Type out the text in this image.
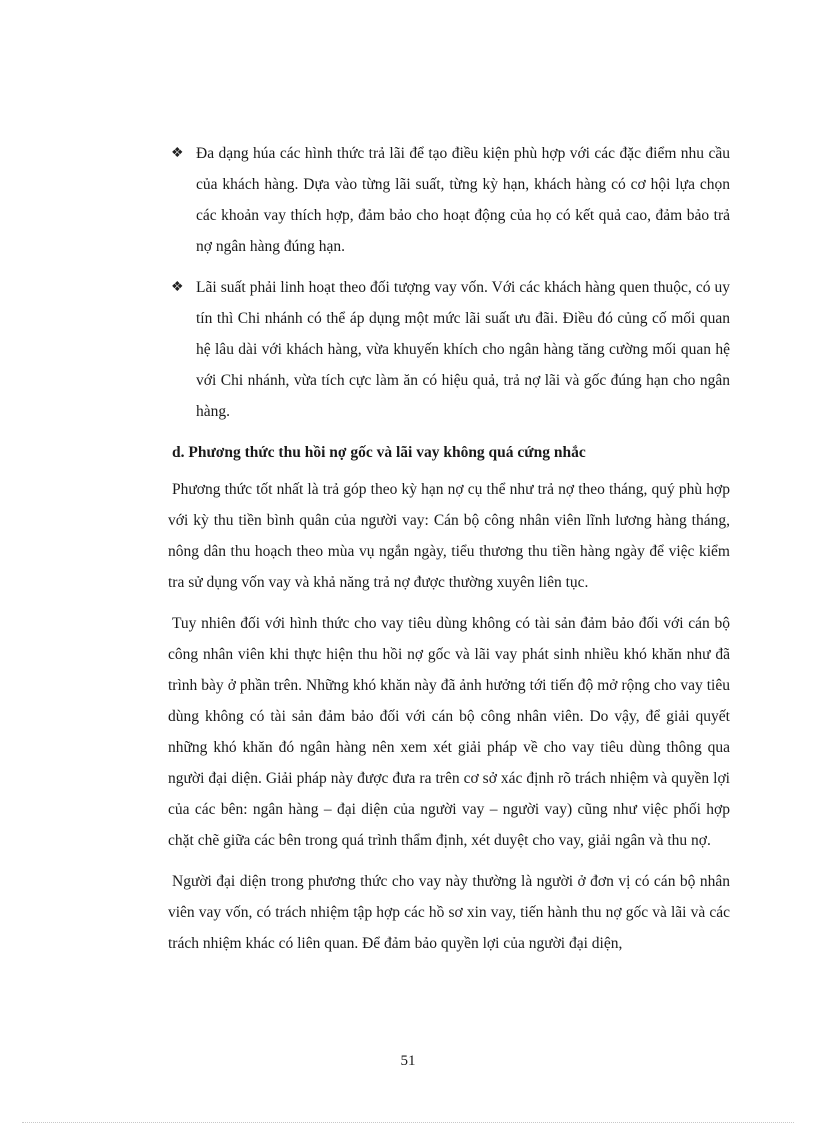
❖ Đa dạng húa các hình thức trả lãi để tạo điều kiện phù hợp với các đặc điểm nhu cầu của khách hàng. Dựa vào từng lãi suất, từng kỳ hạn, khách hàng có cơ hội lựa chọn các khoản vay thích hợp, đảm bảo cho hoạt động của họ có kết quả cao, đảm bảo trả nợ ngân hàng đúng hạn.
❖ Lãi suất phải linh hoạt theo đối tượng vay vốn. Với các khách hàng quen thuộc, có uy tín thì Chi nhánh có thể áp dụng một mức lãi suất ưu đãi. Điều đó củng cố mối quan hệ lâu dài với khách hàng, vừa khuyến khích cho ngân hàng tăng cường mối quan hệ với Chi nhánh, vừa tích cực làm ăn có hiệu quả, trả nợ lãi và gốc đúng hạn cho ngân hàng.
d. Phương thức thu hồi nợ gốc và lãi vay không quá cứng nhắc

Phương thức tốt nhất là trả góp theo kỳ hạn nợ cụ thể như trả nợ theo tháng, quý phù hợp với kỳ thu tiền bình quân của người vay: Cán bộ công nhân viên lĩnh lương hàng tháng, nông dân thu hoạch theo mùa vụ ngắn ngày, tiểu thương thu tiền hàng ngày để việc kiểm tra sử dụng vốn vay và khả năng trả nợ được thường xuyên liên tục.

Tuy nhiên đối với hình thức cho vay tiêu dùng không có tài sản đảm bảo đối với cán bộ công nhân viên khi thực hiện thu hồi nợ gốc và lãi vay phát sinh nhiều khó khăn như đã trình bày ở phần trên. Những khó khăn này đã ảnh hưởng tới tiến độ mở rộng cho vay tiêu dùng không có tài sản đảm bảo đối với cán bộ công nhân viên. Do vậy, để giải quyết những khó khăn đó ngân hàng nên xem xét giải pháp về cho vay tiêu dùng thông qua người đại diện. Giải pháp này được đưa ra trên cơ sở xác định rõ trách nhiệm và quyền lợi của các bên: ngân hàng – đại diện của người vay – người vay) cũng như việc phối hợp chặt chẽ giữa các bên trong quá trình thẩm định, xét duyệt cho vay, giải ngân và thu nợ.

Người đại diện trong phương thức cho vay này thường là người ở đơn vị có cán bộ nhân viên vay vốn, có trách nhiệm tập hợp các hồ sơ xin vay, tiến hành thu nợ gốc và lãi và các trách nhiệm khác có liên quan. Để đảm bảo quyền lợi của người đại diện,

51
